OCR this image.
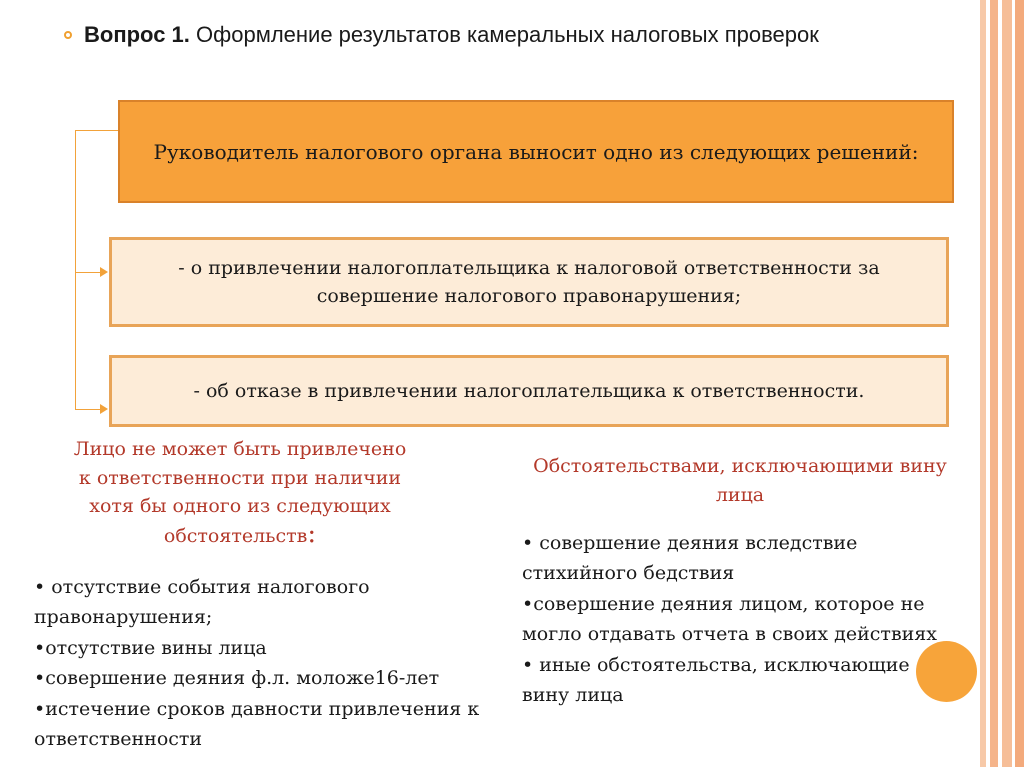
Вопрос 1. Оформление результатов камеральных налоговых проверок
Руководитель налогового органа выносит одно из следующих решений:
- о привлечении налогоплательщика к налоговой ответственности за
совершение налогового правонарушения;
- об отказе в привлечении налогоплательщика к ответственности.
Лицо не может быть привлечено
к ответственности при наличии
хотя бы одного из следующих
обстоятельств:
Обстоятельствами, исключающими вину
лица
• отсутствие события налогового
правонарушения;
•отсутствие вины лица
•совершение деяния ф.л. моложе16-лет
•истечение сроков давности привлечения к
ответственности
• совершение деяния вследствие
стихийного бедствия
•совершение деяния лицом, которое не
могло отдавать отчета в своих действиях
• иные обстоятельства, исключающие
вину лица
